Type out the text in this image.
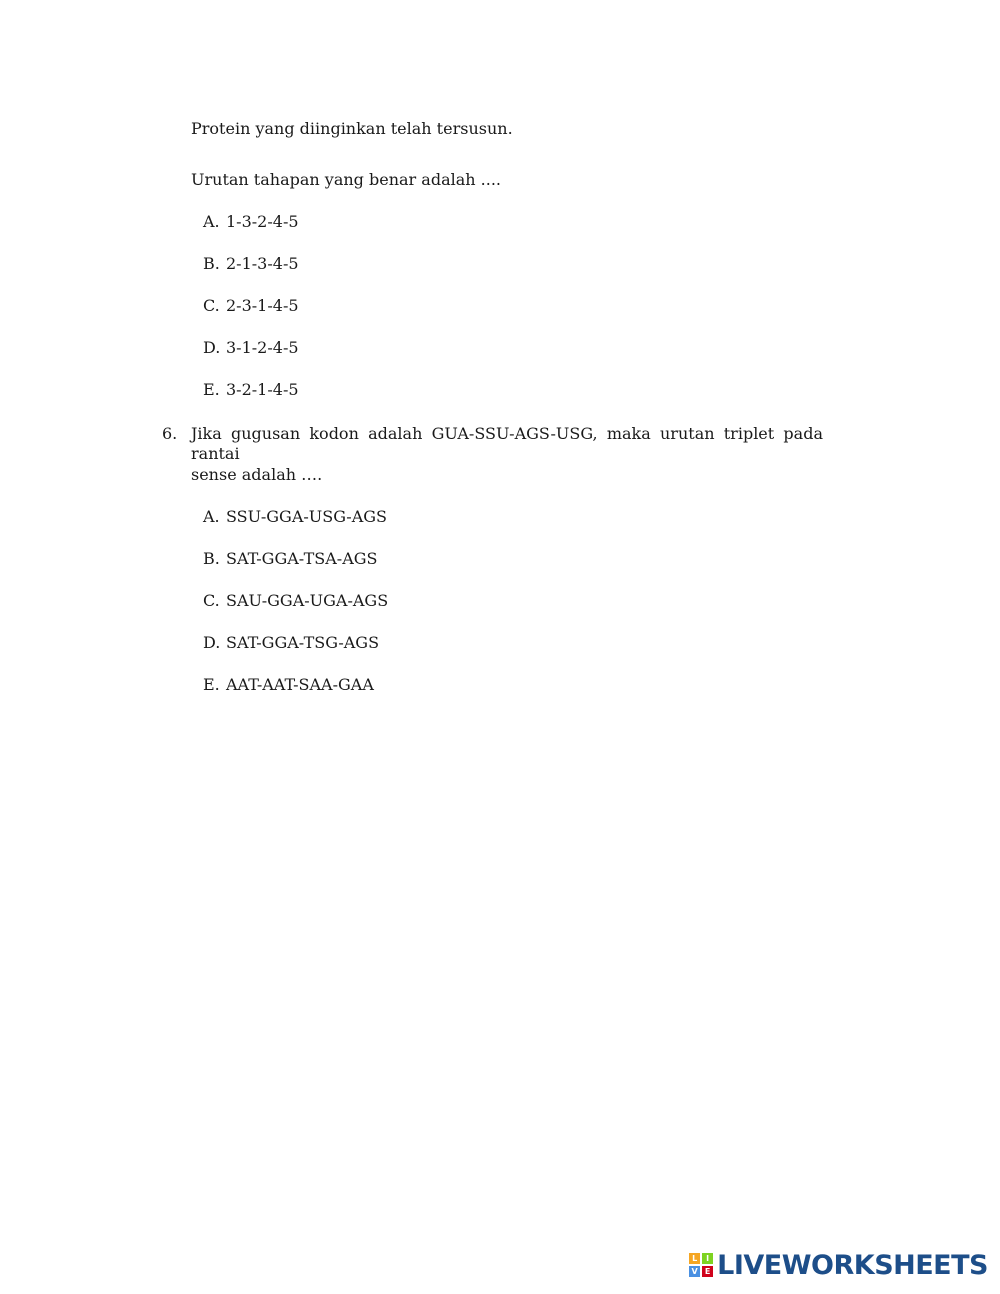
Protein yang diinginkan telah tersusun.
Urutan tahapan yang benar adalah ....
A. 1-3-2-4-5
B. 2-1-3-4-5
C. 2-3-1-4-5
D. 3-1-2-4-5
E. 3-2-1-4-5
6. Jika gugusan kodon adalah GUA-SSU-AGS-USG, maka urutan triplet pada rantai
sense adalah ….
A. SSU-GGA-USG-AGS
B. SAT-GGA-TSA-AGS
C. SAU-GGA-UGA-AGS
D. SAT-GGA-TSG-AGS
E. AAT-AAT-SAA-GAA
L	I
V E LIVEWORKSHEETS
